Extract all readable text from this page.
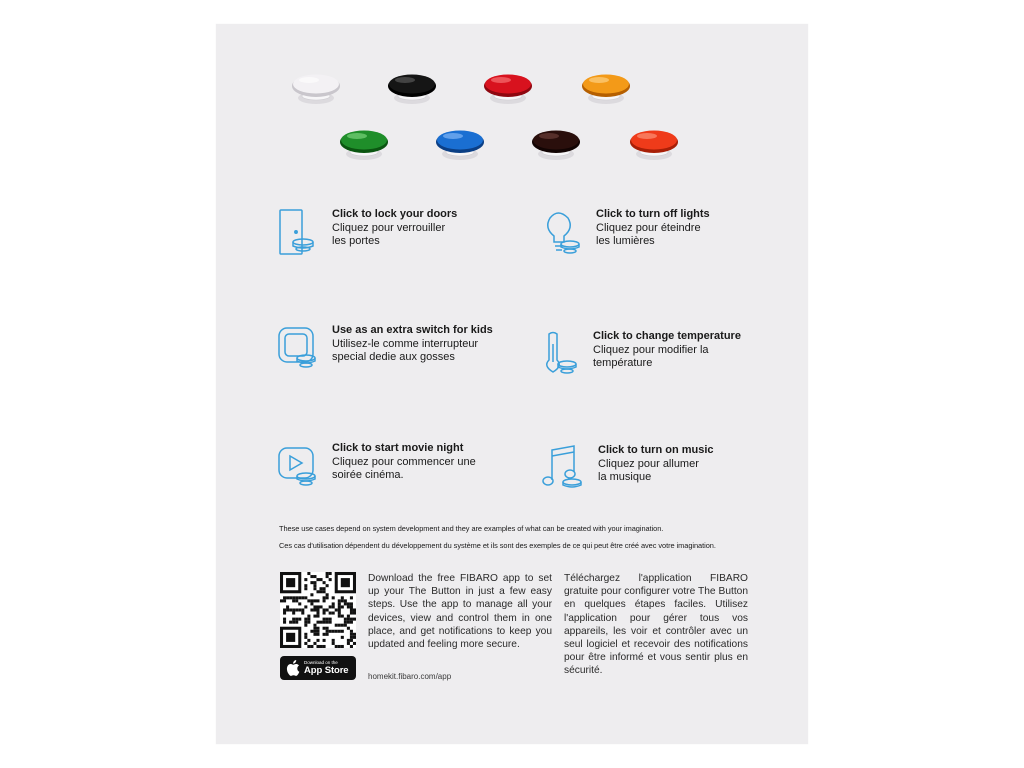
Click to lock your doors
Cliquez pour verrouiller
les portes
Click to turn off lights
Cliquez pour éteindre
les lumières
Use as an extra switch for kids
Utilisez-le comme interrupteur
special dedie aux gosses
Click to change temperature
Cliquez pour modifier la
température
Click to start movie night
Cliquez pour commencer une
soirée cinéma.
Click to turn on music
Cliquez pour allumer
la musique
These use cases depend on system development and they are examples of what can be created with your imagination.
Ces cas d'utilisation dépendent du développement du système et ils sont des exemples de ce qui peut être créé avec votre imagination.
Download on the
App Store
Download the free FIBARO app to set up your The Button in just a few easy steps. Use the app to manage all your devices, view and control them in one place, and get notifications to keep you updated and feeling more secure.
Téléchargez l'application FIBARO gratuite pour configurer votre The Button en quelques étapes faciles. Utilisez l'application pour gérer tous vos appareils, les voir et contrôler avec un seul logiciel et recevoir des notifications pour être informé et vous sentir plus en sécurité.
homekit.fibaro.com/app
